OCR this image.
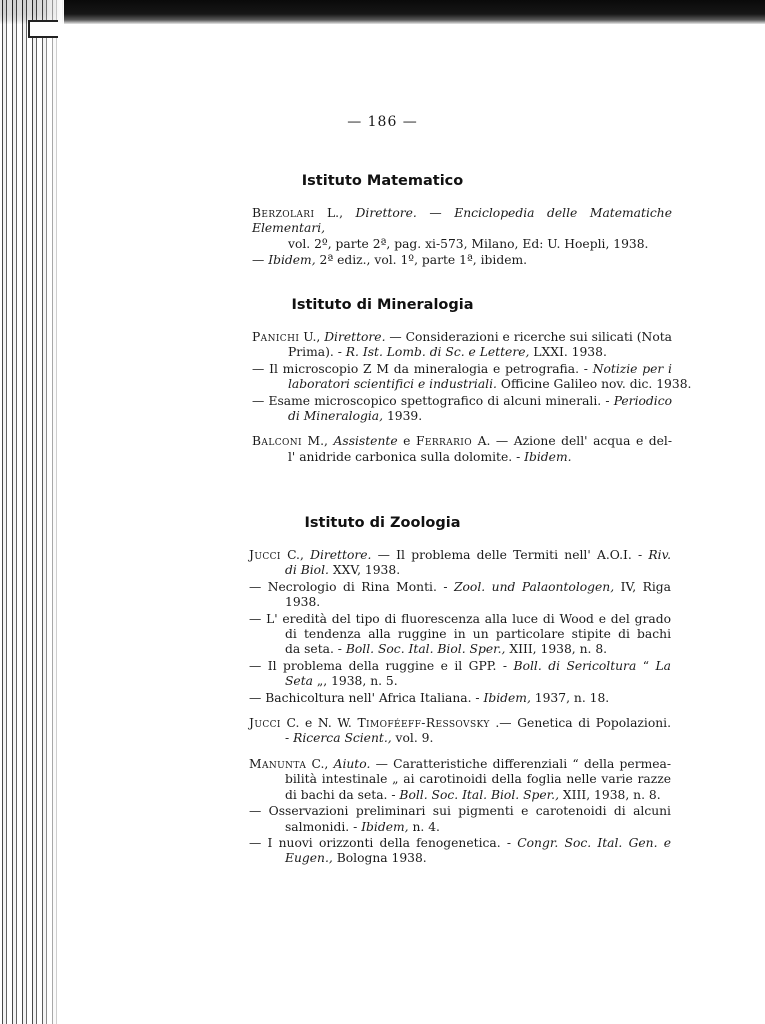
— 186 —
Istituto Matematico
Berzolari L., Direttore. — Enciclopedia delle Matematiche Elementari,
vol. 2º, parte 2ª, pag. xi-573, Milano, Ed: U. Hoepli, 1938.
— Ibidem, 2ª ediz., vol. 1º, parte 1ª, ibidem.
Istituto di Mineralogia
Panichi U., Direttore. — Considerazioni e ricerche sui silicati (Nota
Prima). - R. Ist. Lomb. di Sc. e Lettere, LXXI. 1938.
— Il microscopio Z M da mineralogia e petrografia. - Notizie per i
laboratori scientifici e industriali. Officine Galileo nov. dic. 1938.
— Esame microscopico spettografico di alcuni minerali. - Periodico
di Mineralogia, 1939.
Balconi M., Assistente e Ferrario A. — Azione dell' acqua e del-
l' anidride carbonica sulla dolomite. - Ibidem.
Istituto di Zoologia
Jucci C., Direttore. — Il problema delle Termiti nell' A.O.I. - Riv.
di Biol. XXV, 1938.
— Necrologio di Rina Monti. - Zool. und Palaontologen, IV, Riga
1938.
— L' eredità del tipo di fluorescenza alla luce di Wood e del grado
di tendenza alla ruggine in un particolare stipite di bachi
da seta. - Boll. Soc. Ital. Biol. Sper., XIII, 1938, n. 8.
— Il problema della ruggine e il GPP. - Boll. di Sericoltura “ La
Seta „, 1938, n. 5.
— Bachicoltura nell' Africa Italiana. - Ibidem, 1937, n. 18.
Jucci C. e N. W. Timoféeff-Ressovsky .— Genetica di Popolazioni.
- Ricerca Scient., vol. 9.
Manunta C., Aiuto. — Caratteristiche differenziali “ della permea-
bilità intestinale „ ai carotinoidi della foglia nelle varie razze
di bachi da seta. - Boll. Soc. Ital. Biol. Sper., XIII, 1938, n. 8.
— Osservazioni preliminari sui pigmenti e carotenoidi di alcuni
salmonidi. - Ibidem, n. 4.
— I nuovi orizzonti della fenogenetica. - Congr. Soc. Ital. Gen. e
Eugen., Bologna 1938.
